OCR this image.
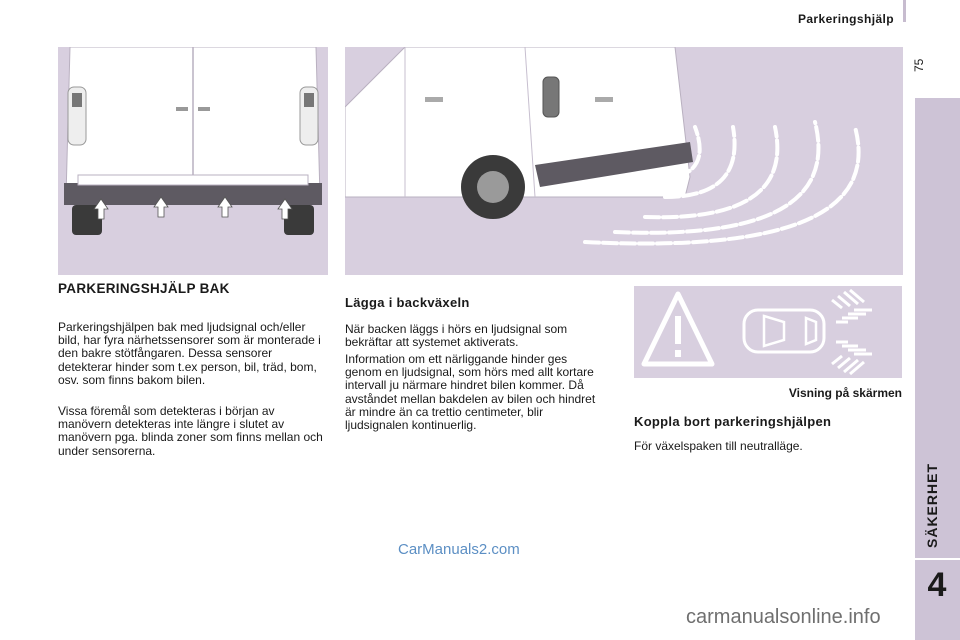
Parkeringshjälp
75
SÄKERHET
4
PARKERINGSHJÄLP BAK

Parkeringshjälpen bak med ljudsignal och/eller bild, har fyra närhetssensorer som är monterade i den bakre stötfångaren. Dessa sensorer detekterar hinder som t.ex person, bil, träd, bom, osv. som finns bakom bilen.

Vissa föremål som detekteras i början av manövern detekteras inte längre i slutet av manövern pga. blinda zoner som finns mellan och under sensorerna.

Lägga i backväxeln

När backen läggs i hörs en ljudsignal som bekräftar att systemet aktiverats.

Information om ett närliggande hinder ges genom en ljudsignal, som hörs med allt kortare intervall ju närmare hindret bilen kommer. Då avståndet mellan bakdelen av bilen och hindret är mindre än ca trettio centimeter, blir ljudsignalen kontinuerlig.

Visning på skärmen
Koppla bort parkeringshjälpen

För växelspaken till neutralläge.

CarManuals2.com
carmanualsonline.info
